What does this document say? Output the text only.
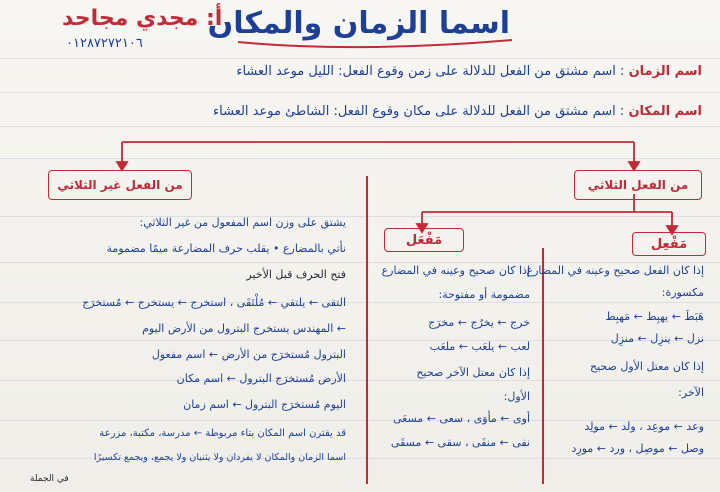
اسما الزمان والمكان
أ: مجدي مجاحد
٠١٢٨٧٢٧٢١٠٦
اسم الزمان : اسم مشتق من الفعل للدلالة على زمن وقوع الفعل: الليل موعد العشاء
اسم المكان : اسم مشتق من الفعل للدلالة على مكان وقوع الفعل: الشاطئ موعد العشاء
من الفعل الثلاثي
من الفعل غير الثلاثي
مَفْعِل
مَفْعَل
إذا كان الفعل صحيح وعينه في المضارع
مكسورة:
هَبَطَ ← يهبِط ← مَهبِط
نزل ← ينزِل ← منزِل
إذا كان معتل الأول صحيح
الآخر:
وعد ← موعِد ، ولد ← مولِد
وصل ← موصِل ، ورد ← مورِد
إذا كان صحيح وعينه في المضارع
مضمومة أو مفتوحة:
خرج ← يخرُج ← مخرَج
لعب ← يلعَب ← ملعَب
إذا كان معتل الآخر صحيح
الأول:
أوى ← مأوَى ، سعى ← مسعَى
نفى ← منفَى ، سقى ← مسقَى
يشتق على وزن اسم المفعول من غير الثلاثي:
نأتي بالمضارع • يقلب حرف المضارعة ميمًا مضمومة
فتح الحرف قبل الأخير
التقى ← يلتقي ← مُلْتَقَى ، استخرج ← يستخرج ← مُستخرَج
← المهندس يستخرج البترول من الأرض اليوم
البترول مُستخرَج من الأرض ← اسم مفعول
الأرض مُستخرَج البترول ← اسم مكان
اليوم مُستخرَج البترول ← اسم زمان
قد يقترن اسم المكان بتاء مربوطة ← مدرسة، مكتبة، مزرعة
اسما الزمان والمكان لا يفردان ولا يثنيان ولا يجمع، ويجمع تكسيرًا
في الجملة
